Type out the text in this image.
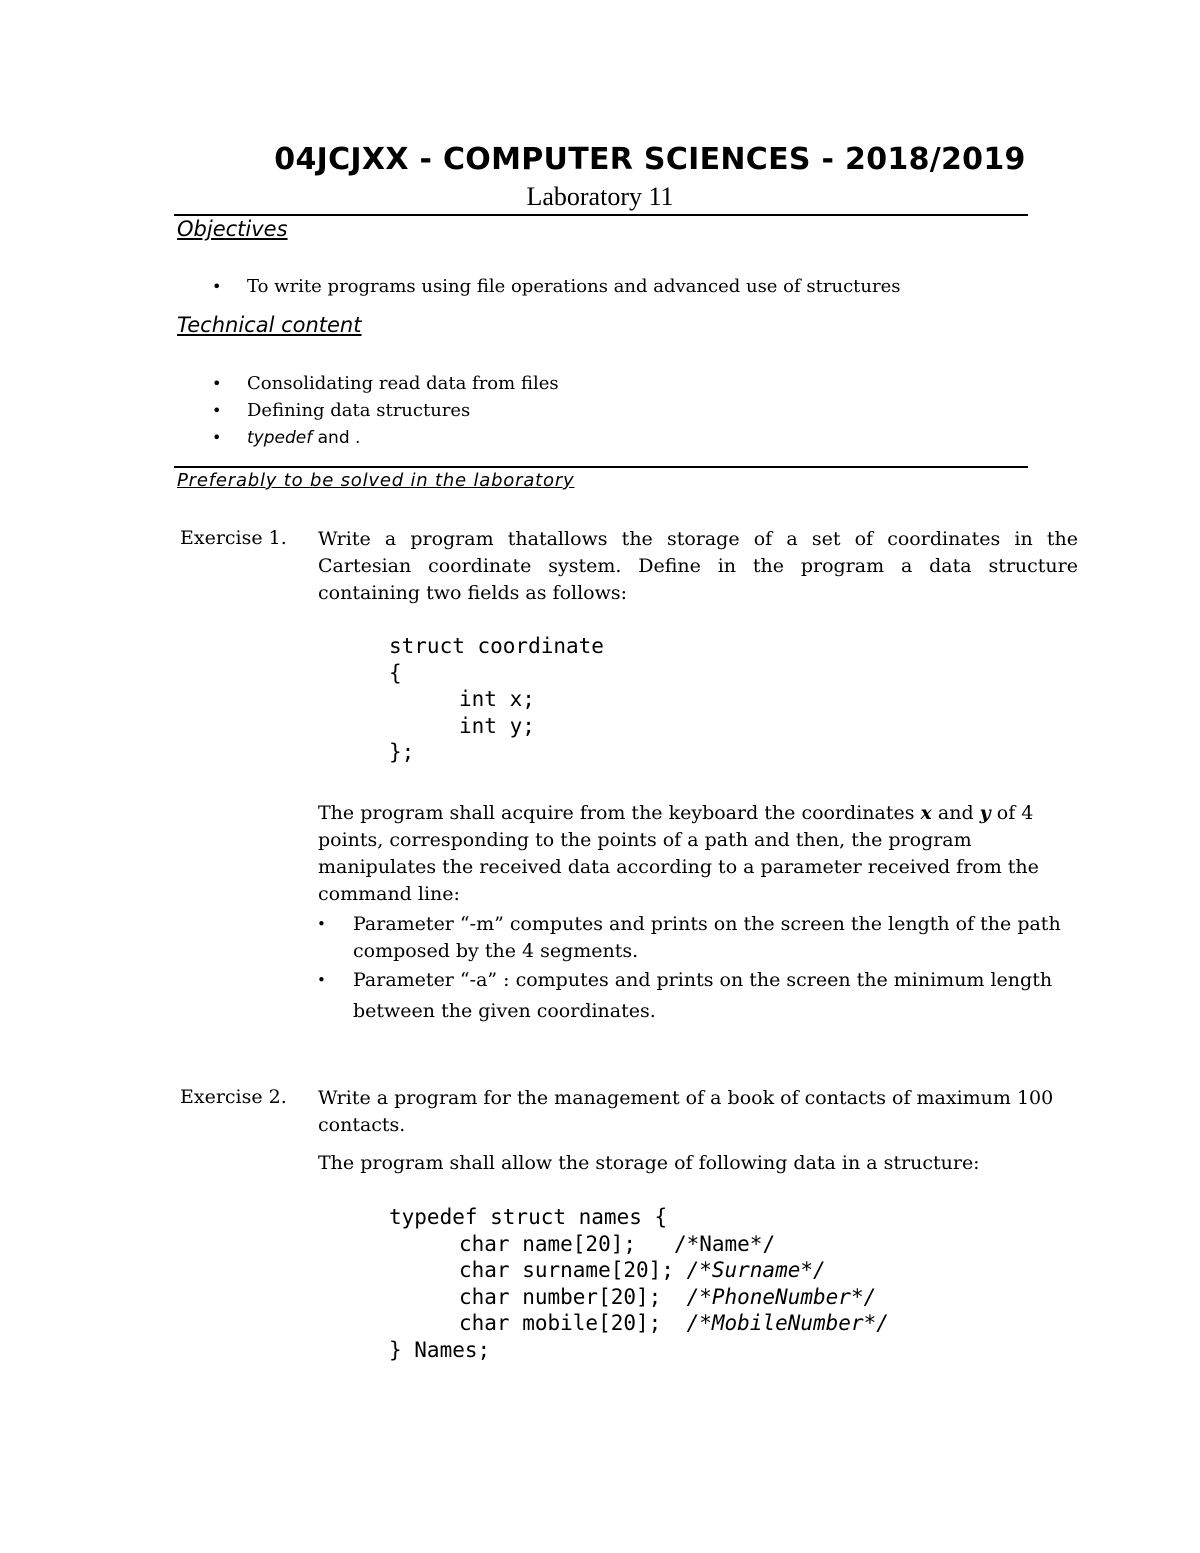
04JCJXX - COMPUTER SCIENCES - 2018/2019
Laboratory 11
Objectives
• To write programs using file operations and advanced use of structures
Technical content
• Consolidating read data from files
• Defining data structures
• typedef and .
Preferably to be solved in the laboratory
Exercise 1. Write a program thatallows the storage of a set of coordinates in the Cartesian coordinate system. Define in the program a data structure containing two fields as follows:
struct coordinate
{
int x;
int y;
};
The program shall acquire from the keyboard the coordinates x and y of 4 points, corresponding to the points of a path and then, the program manipulates the received data according to a parameter received from the command line:
• Parameter “-m” computes and prints on the screen the length of the path composed by the 4 segments.
• Parameter “-a” : computes and prints on the screen the minimum length between the given coordinates.
Exercise 2. Write a program for the management of a book of contacts of maximum 100 contacts.
The program shall allow the storage of following data in a structure:
typedef struct names {
char name[20];   /*Name*/
char surname[20]; /*Surname*/
char number[20];  /*PhoneNumber*/
char mobile[20];  /*MobileNumber*/
} Names;
